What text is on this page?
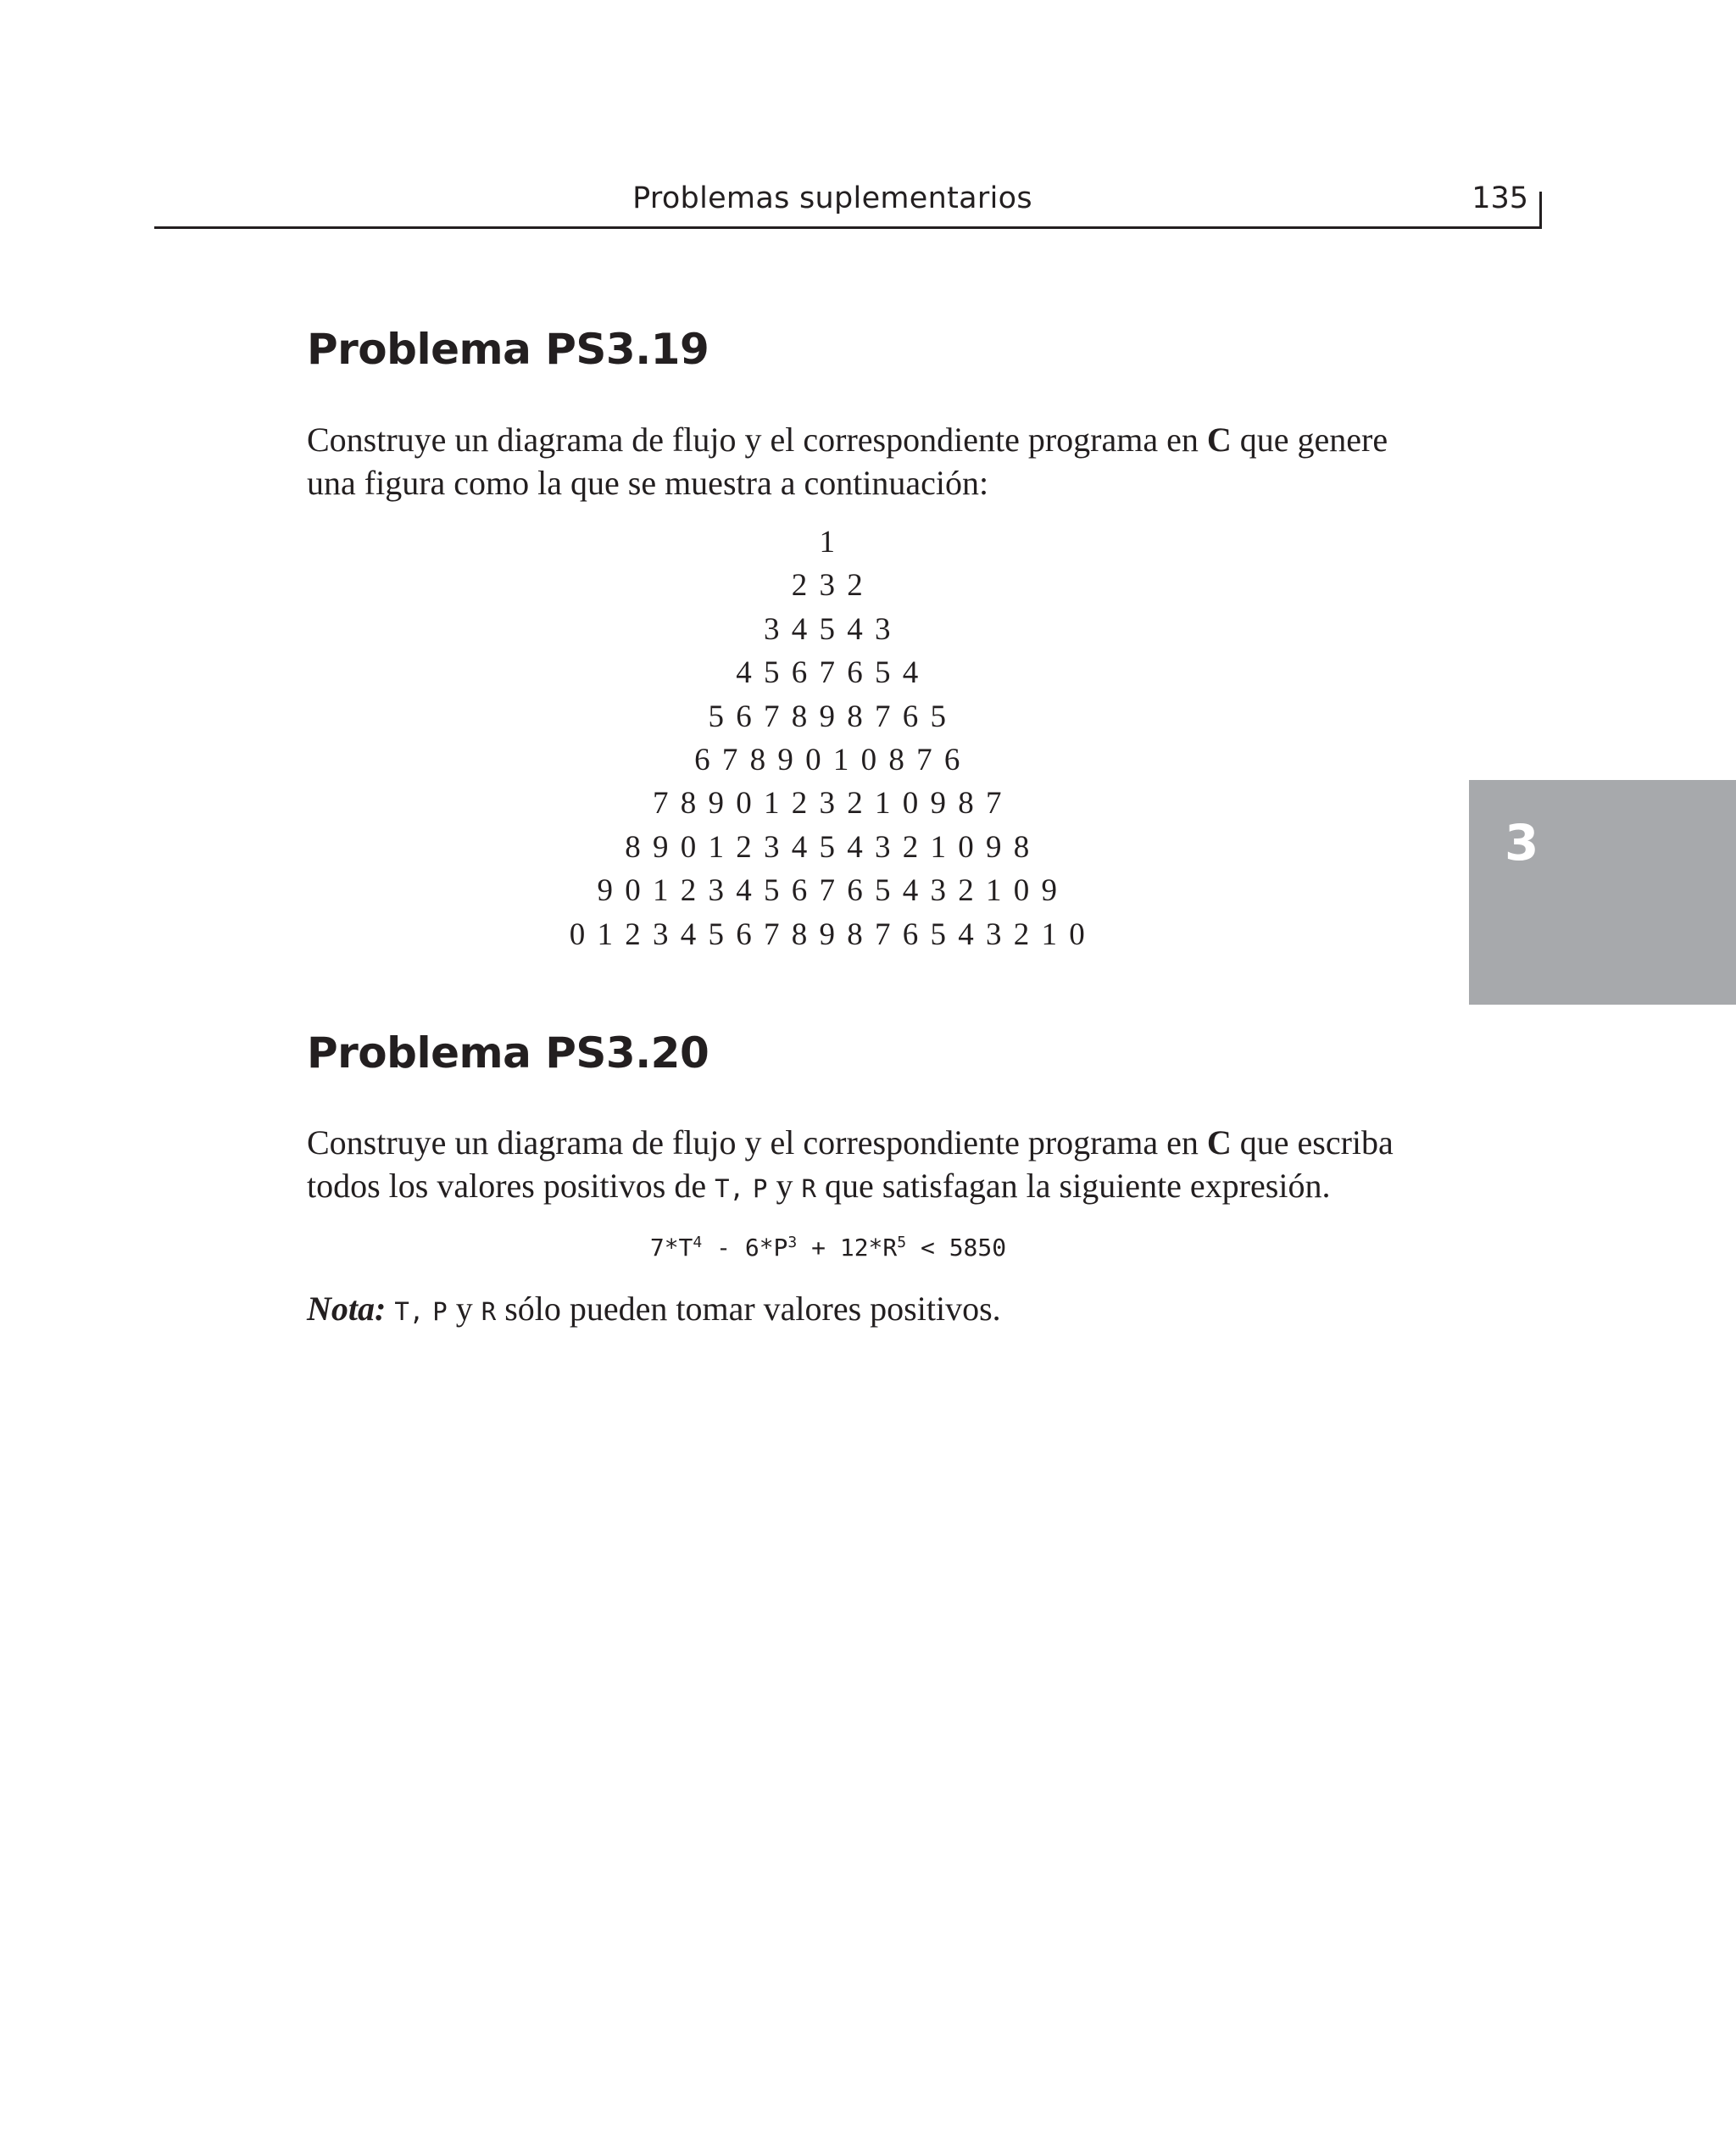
Problemas suplementarios	135
3
Problema PS3.19

Construye un diagrama de flujo y el correspondiente programa en C que genere una figura como la que se muestra a continuación:

1
2 3 2
3 4 5 4 3
4 5 6 7 6 5 4
5 6 7 8 9 8 7 6 5
6 7 8 9 0 1 0 8 7 6
7 8 9 0 1 2 3 2 1 0 9 8 7
8 9 0 1 2 3 4 5 4 3 2 1 0 9 8
9 0 1 2 3 4 5 6 7 6 5 4 3 2 1 0 9
0 1 2 3 4 5 6 7 8 9 8 7 6 5 4 3 2 1 0
Problema PS3.20

Construye un diagrama de flujo y el correspondiente programa en C que escriba todos los valores positivos de T, P y R que satisfagan la siguiente expresión.

$7*T^4 - 6*P^3 + 12*R^5 < 5850$

Nota: T, P y R sólo pueden tomar valores positivos.
